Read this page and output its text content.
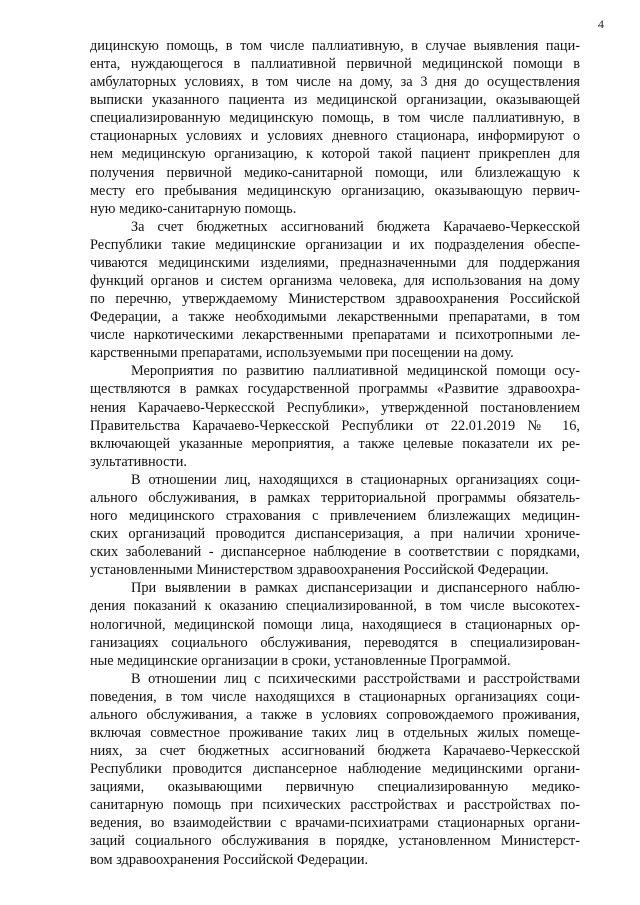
4
дицинскую помощь, в том числе паллиативную, в случае выявления паци-
ента, нуждающегося в паллиативной первичной медицинской помощи в
амбулаторных условиях, в том числе на дому, за 3 дня до осуществления
выписки указанного пациента из медицинской организации, оказывающей
специализированную медицинскую помощь, в том числе паллиативную, в
стационарных условиях и условиях дневного стационара, информируют о
нем медицинскую организацию, к которой такой пациент прикреплен для
получения первичной медико-санитарной помощи, или близлежащую к
месту его пребывания медицинскую организацию, оказывающую первич-
ную медико-санитарную помощь.
За счет бюджетных ассигнований бюджета Карачаево-Черкесской
Республики такие медицинские организации и их подразделения обеспе-
чиваются медицинскими изделиями, предназначенными для поддержания
функций органов и систем организма человека, для использования на дому
по перечню, утверждаемому Министерством здравоохранения Российской
Федерации, а также необходимыми лекарственными препаратами, в том
числе наркотическими лекарственными препаратами и психотропными ле-
карственными препаратами, используемыми при посещении на дому.
Мероприятия по развитию паллиативной медицинской помощи осу-
ществляются в рамках государственной программы «Развитие здравоохра-
нения Карачаево-Черкесской Республики», утвержденной постановлением
Правительства Карачаево-Черкесской Республики от 22.01.2019 № 16,
включающей указанные мероприятия, а также целевые показатели их ре-
зультативности.
В отношении лиц, находящихся в стационарных организациях соци-
ального обслуживания, в рамках территориальной программы обязатель-
ного медицинского страхования с привлечением близлежащих медицин-
ских организаций проводится диспансеризация, а при наличии хрониче-
ских заболеваний - диспансерное наблюдение в соответствии с порядками,
установленными Министерством здравоохранения Российской Федерации.
При выявлении в рамках диспансеризации и диспансерного наблю-
дения показаний к оказанию специализированной, в том числе высокотех-
нологичной, медицинской помощи лица, находящиеся в стационарных ор-
ганизациях социального обслуживания, переводятся в специализирован-
ные медицинские организации в сроки, установленные Программой.
В отношении лиц с психическими расстройствами и расстройствами
поведения, в том числе находящихся в стационарных организациях соци-
ального обслуживания, а также в условиях сопровождаемого проживания,
включая совместное проживание таких лиц в отдельных жилых помеще-
ниях, за счет бюджетных ассигнований бюджета Карачаево-Черкесской
Республики проводится диспансерное наблюдение медицинскими органи-
зациями, оказывающими первичную специализированную медико-
санитарную помощь при психических расстройствах и расстройствах по-
ведения, во взаимодействии с врачами-психиатрами стационарных органи-
заций социального обслуживания в порядке, установленном Министерст-
вом здравоохранения Российской Федерации.
